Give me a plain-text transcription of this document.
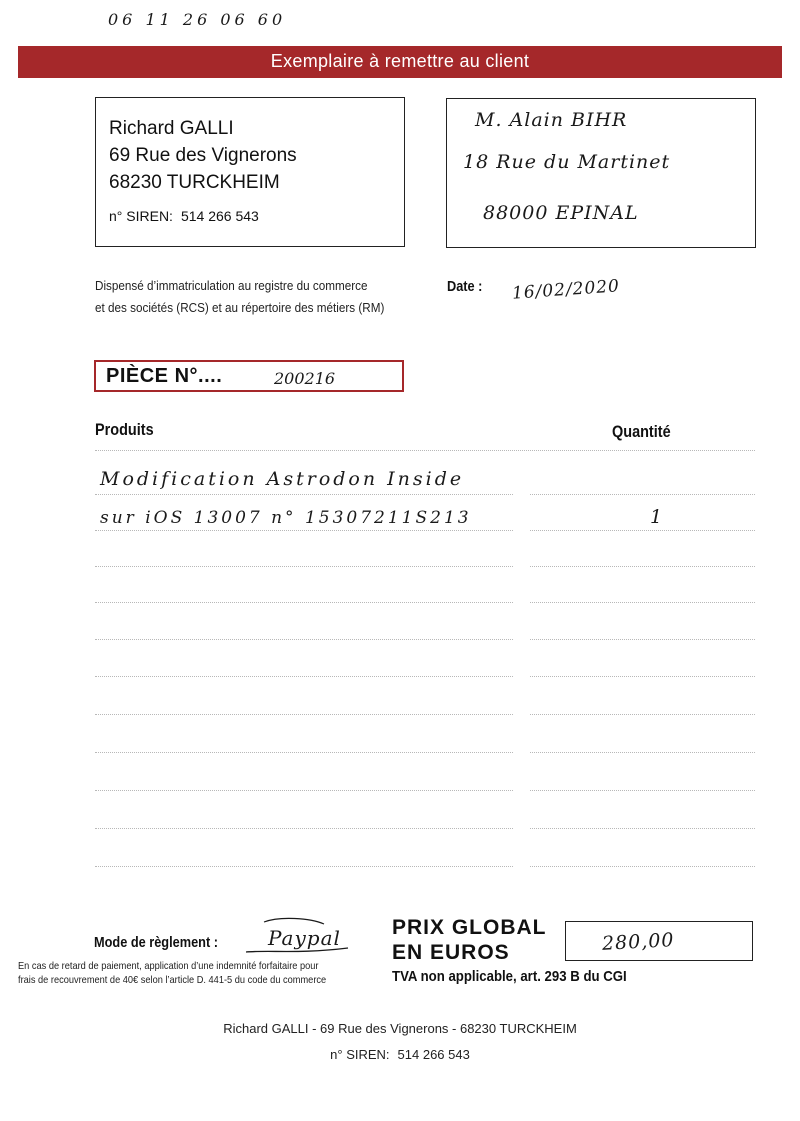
06 11 26 06 60
Exemplaire à remettre au client
Richard GALLI
69 Rue des Vignerons
68230 TURCKHEIM
n° SIREN: 514 266 543
M. Alain BIHR
18 Rue du Martinet
88000 EPINAL
Dispensé d’immatriculation au registre du commerce
et des sociétés (RCS) et au répertoire des métiers (RM)
Date : 16/02/2020
PIÈCE N°....	200216
Produits	Quantité
Modification Astrodon Inside
sur iOS 13007 n° 15307211S213	1
Mode de règlement :	Paypal
En cas de retard de paiement, application d’une indemnité forfaitaire pour
frais de recouvrement de 40€ selon l’article D. 441-5 du code du commerce
PRIX GLOBAL
EN EUROS
TVA non applicable, art. 293 B du CGI
280,00
Richard GALLI - 69 Rue des Vignerons - 68230 TURCKHEIM
n° SIREN: 514 266 543
